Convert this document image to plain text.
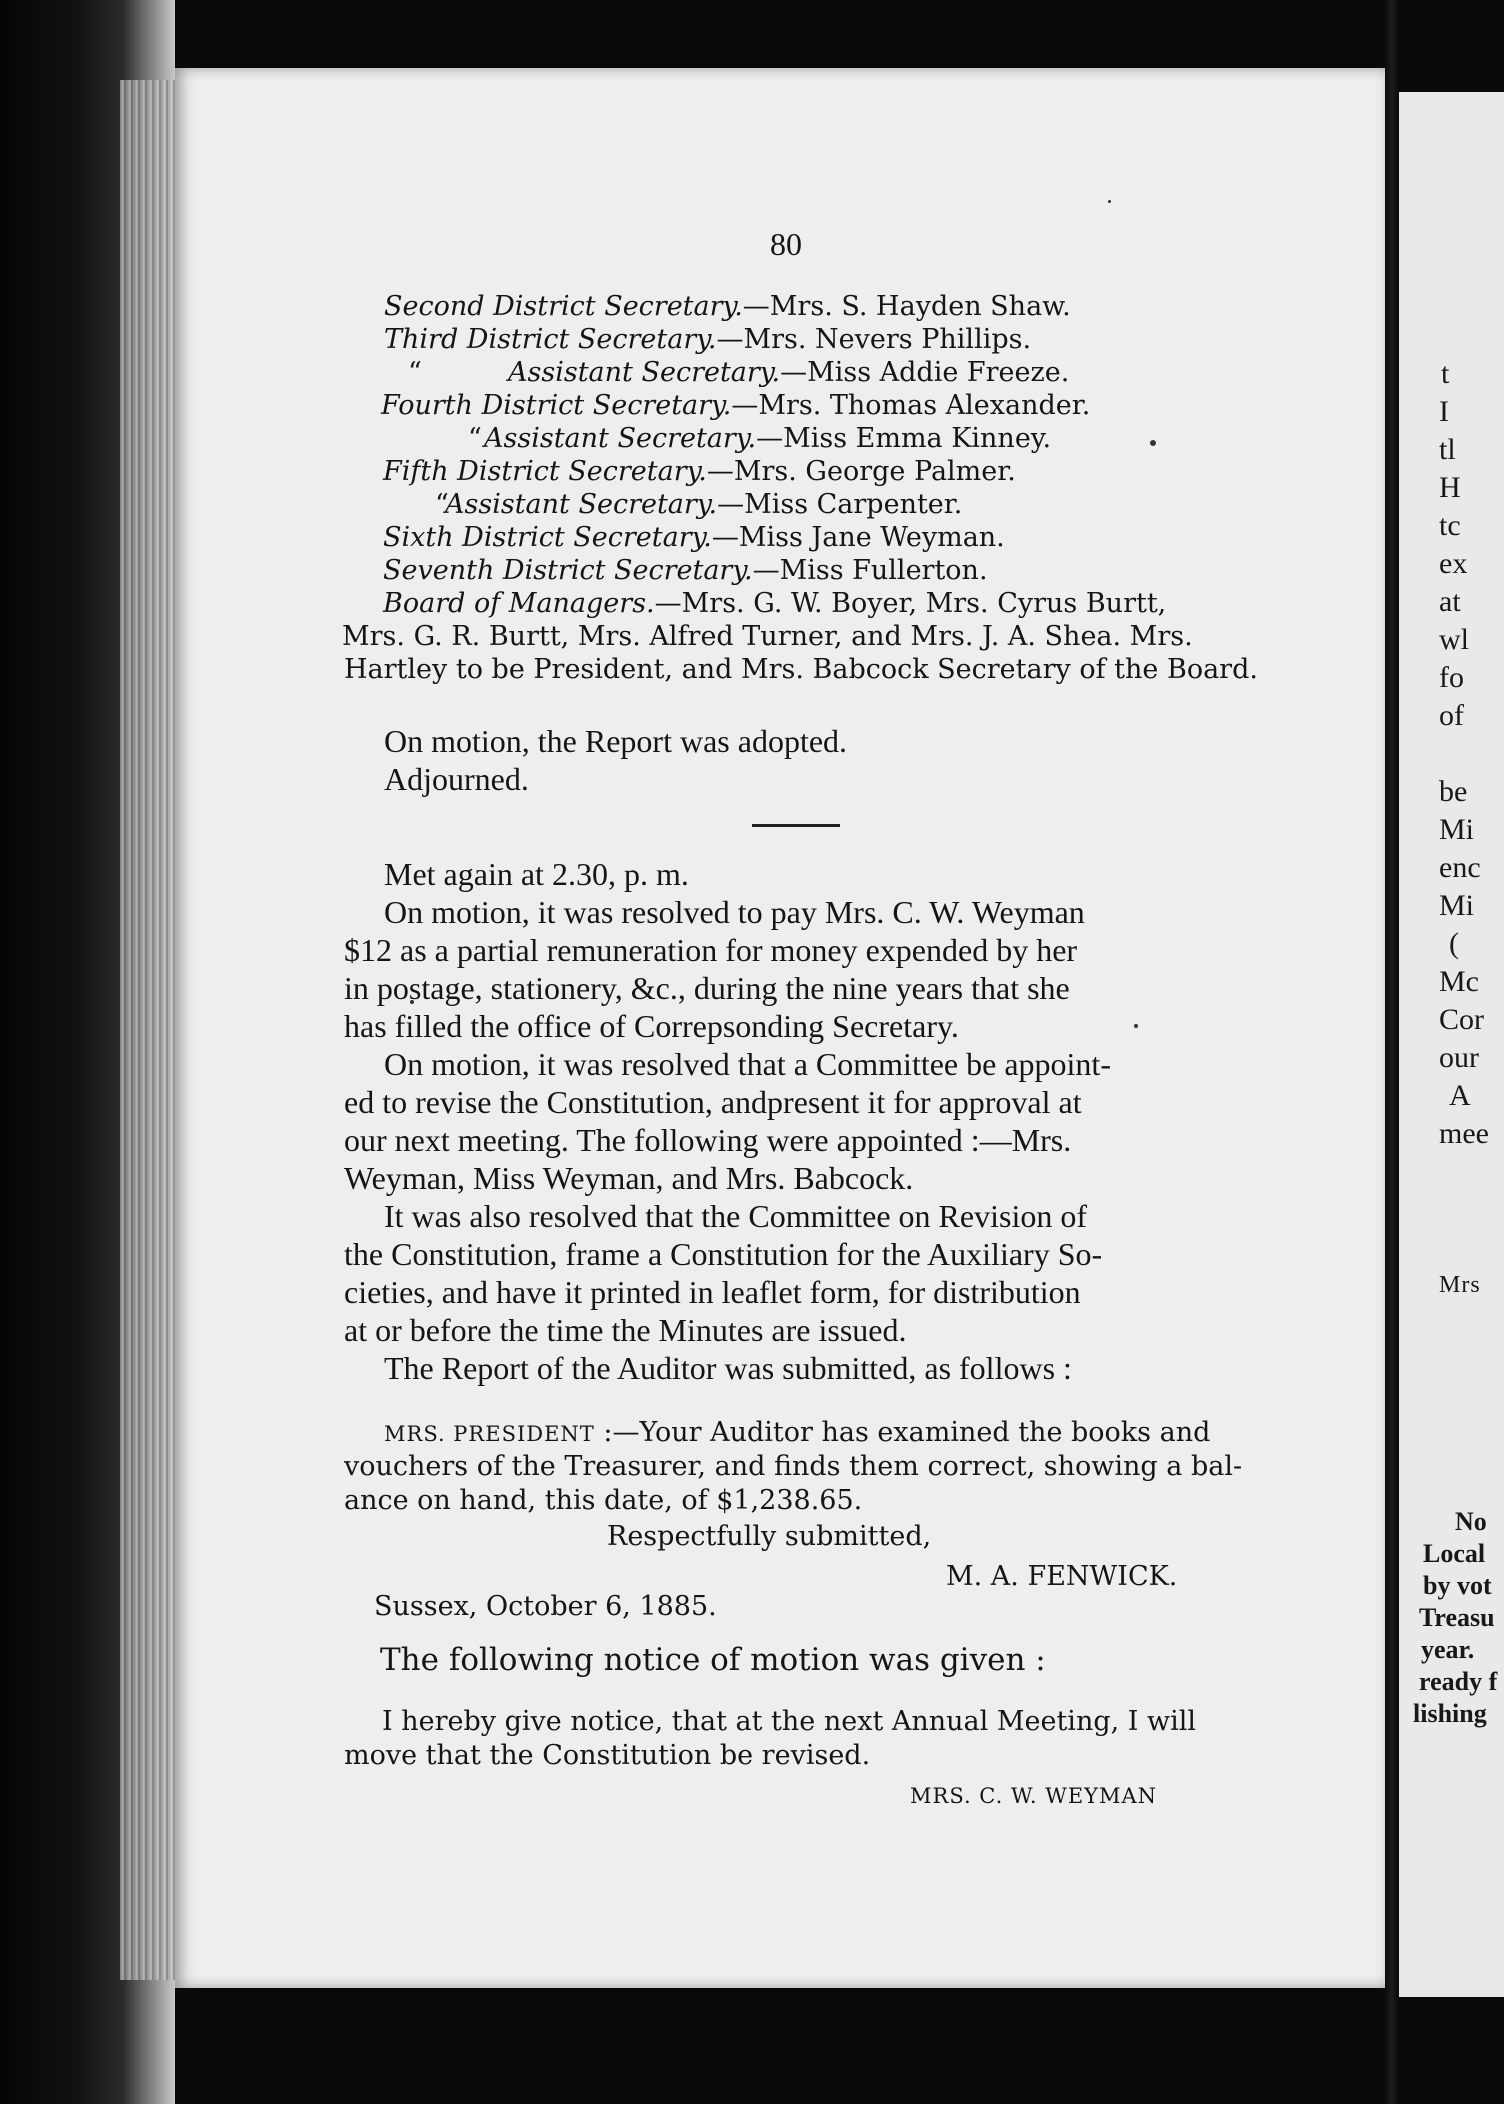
t
I
tl
H
tc
ex
at
wl
fo
of
be
Mi
enc
Mi
(
Mc
Cor
our
A
mee
Mrs
No
Local
by vot
Treasu
year.
ready f
lishing
80
Second District Secretary.—Mrs. S. Hayden Shaw.
Third District Secretary.—Mrs. Nevers Phillips.
“	Assistant Secretary.—Miss Addie Freeze.
Fourth District Secretary.—Mrs. Thomas Alexander.
“ Assistant Secretary.—Miss Emma Kinney.
Fifth District Secretary.—Mrs. George Palmer.
“
Assistant Secretary.—Miss Carpenter.
Sixth District Secretary.—Miss Jane Weyman.
Seventh District Secretary.—Miss Fullerton.
Board of Managers.—Mrs. G. W. Boyer, Mrs. Cyrus Burtt,
Mrs. G. R. Burtt, Mrs. Alfred Turner, and Mrs. J. A. Shea. Mrs.
Hartley to be President, and Mrs. Babcock Secretary of the Board.
On motion, the Report was adopted.
Adjourned.
Met again at 2.30, p. m.
On motion, it was resolved to pay Mrs. C. W. Weyman
$12 as a partial remuneration for money expended by her
in postage, stationery, &c., during the nine years that she
has filled the office of Correpsonding Secretary.
On motion, it was resolved that a Committee be appoint-
ed to revise the Constitution, andpresent it for approval at
our next meeting. The following were appointed :—Mrs.
Weyman, Miss Weyman, and Mrs. Babcock.
It was also resolved that the Committee on Revision of
the Constitution, frame a Constitution for the Auxiliary So-
cieties, and have it printed in leaflet form, for distribution
at or before the time the Minutes are issued.
The Report of the Auditor was submitted, as follows :
MRS. PRESIDENT :—Your Auditor has examined the books and
vouchers of the Treasurer, and finds them correct, showing a bal-
ance on hand, this date, of $1,238.65.
Respectfully submitted,
M. A. FENWICK.
Sussex, October 6, 1885.
The following notice of motion was given :
I hereby give notice, that at the next Annual Meeting, I will
move that the Constitution be revised.
MRS. C. W. WEYMAN
